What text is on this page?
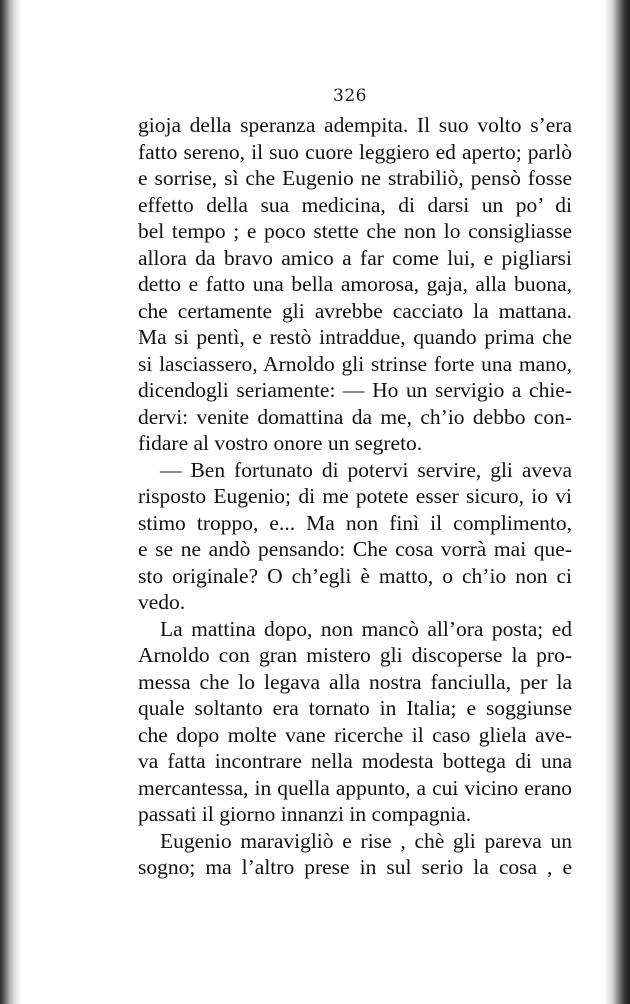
326
gioja della speranza adempita. Il suo volto s’era
fatto sereno, il suo cuore leggiero ed aperto; parlò
e sorrise, sì che Eugenio ne strabiliò, pensò fosse
effetto della sua medicina, di darsi un po’ di
bel tempo ; e poco stette che non lo consigliasse
allora da bravo amico a far come lui, e pigliarsi
detto e fatto una bella amorosa, gaja, alla buona,
che certamente gli avrebbe cacciato la mattana.
Ma si pentì, e restò intraddue, quando prima che
si lasciassero, Arnoldo gli strinse forte una mano,
dicendogli seriamente: — Ho un servigio a chie-
dervi: venite domattina da me, ch’io debbo con-
fidare al vostro onore un segreto.
— Ben fortunato di potervi servire, gli aveva
risposto Eugenio; di me potete esser sicuro, io vi
stimo troppo, e... Ma non finì il complimento,
e se ne andò pensando: Che cosa vorrà mai que-
sto originale? O ch’egli è matto, o ch’io non ci
vedo.
La mattina dopo, non mancò all’ora posta; ed
Arnoldo con gran mistero gli discoperse la pro-
messa che lo legava alla nostra fanciulla, per la
quale soltanto era tornato in Italia; e soggiunse
che dopo molte vane ricerche il caso gliela ave-
va fatta incontrare nella modesta bottega di una
mercantessa, in quella appunto, a cui vicino erano
passati il giorno innanzi in compagnia.
Eugenio maravigliò e rise , chè gli pareva un
sogno; ma l’altro prese in sul serio la cosa , e
